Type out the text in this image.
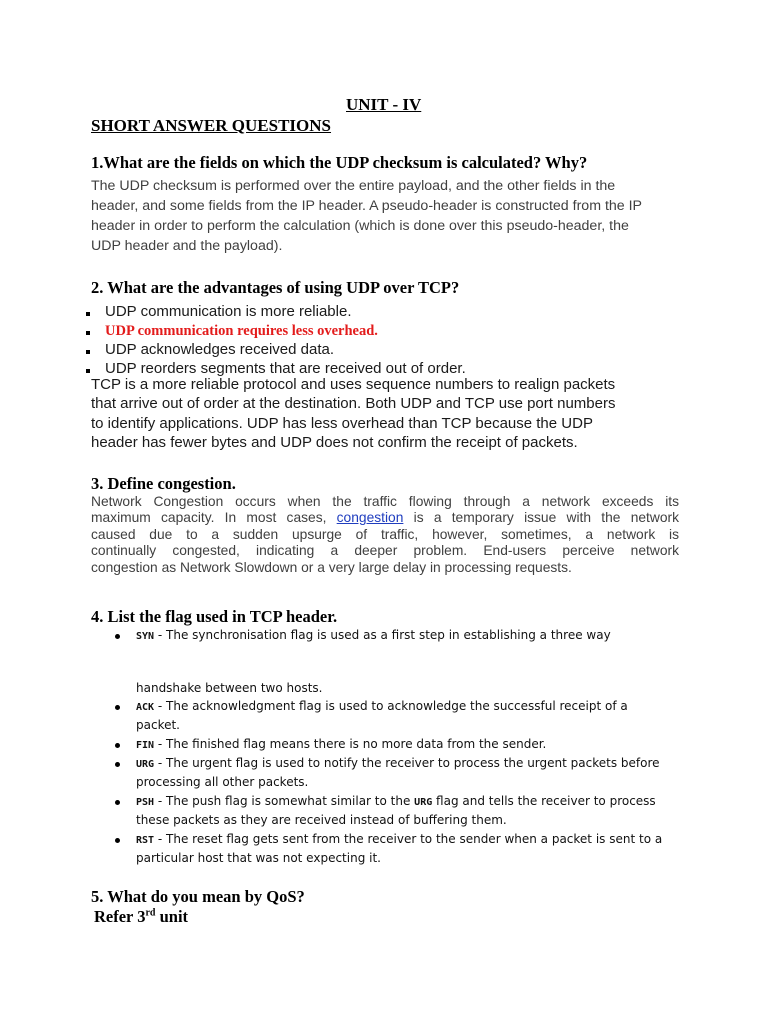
UNIT - IV
SHORT ANSWER QUESTIONS
1.What are the fields on which the UDP checksum is calculated? Why?
The UDP checksum is performed over the entire payload, and the other fields in the
header, and some fields from the IP header. A pseudo-header is constructed from the IP
header in order to perform the calculation (which is done over this pseudo-header, the
UDP header and the payload).
2. What are the advantages of using UDP over TCP?
UDP communication is more reliable.
UDP communication requires less overhead.
UDP acknowledges received data.
UDP reorders segments that are received out of order.
TCP is a more reliable protocol and uses sequence numbers to realign packets
that arrive out of order at the destination. Both UDP and TCP use port numbers
to identify applications. UDP has less overhead than TCP because the UDP
header has fewer bytes and UDP does not confirm the receipt of packets.
3. Define congestion.
Network Congestion occurs when the traffic flowing through a network exceeds its
maximum capacity. In most cases, congestion is a temporary issue with the network
caused due to a sudden upsurge of traffic, however, sometimes, a network is
continually congested, indicating a deeper problem. End-users perceive network
congestion as Network Slowdown or a very large delay in processing requests.
4. List the flag used in TCP header.
SYN - The synchronisation flag is used as a first step in establishing a three way
handshake between two hosts.
ACK - The acknowledgment flag is used to acknowledge the successful receipt of a
packet.
FIN - The finished flag means there is no more data from the sender.
URG - The urgent flag is used to notify the receiver to process the urgent packets before
processing all other packets.
PSH - The push flag is somewhat similar to the URG flag and tells the receiver to process
these packets as they are received instead of buffering them.
RST - The reset flag gets sent from the receiver to the sender when a packet is sent to a
particular host that was not expecting it.
5. What do you mean by QoS?
Refer 3rd unit
